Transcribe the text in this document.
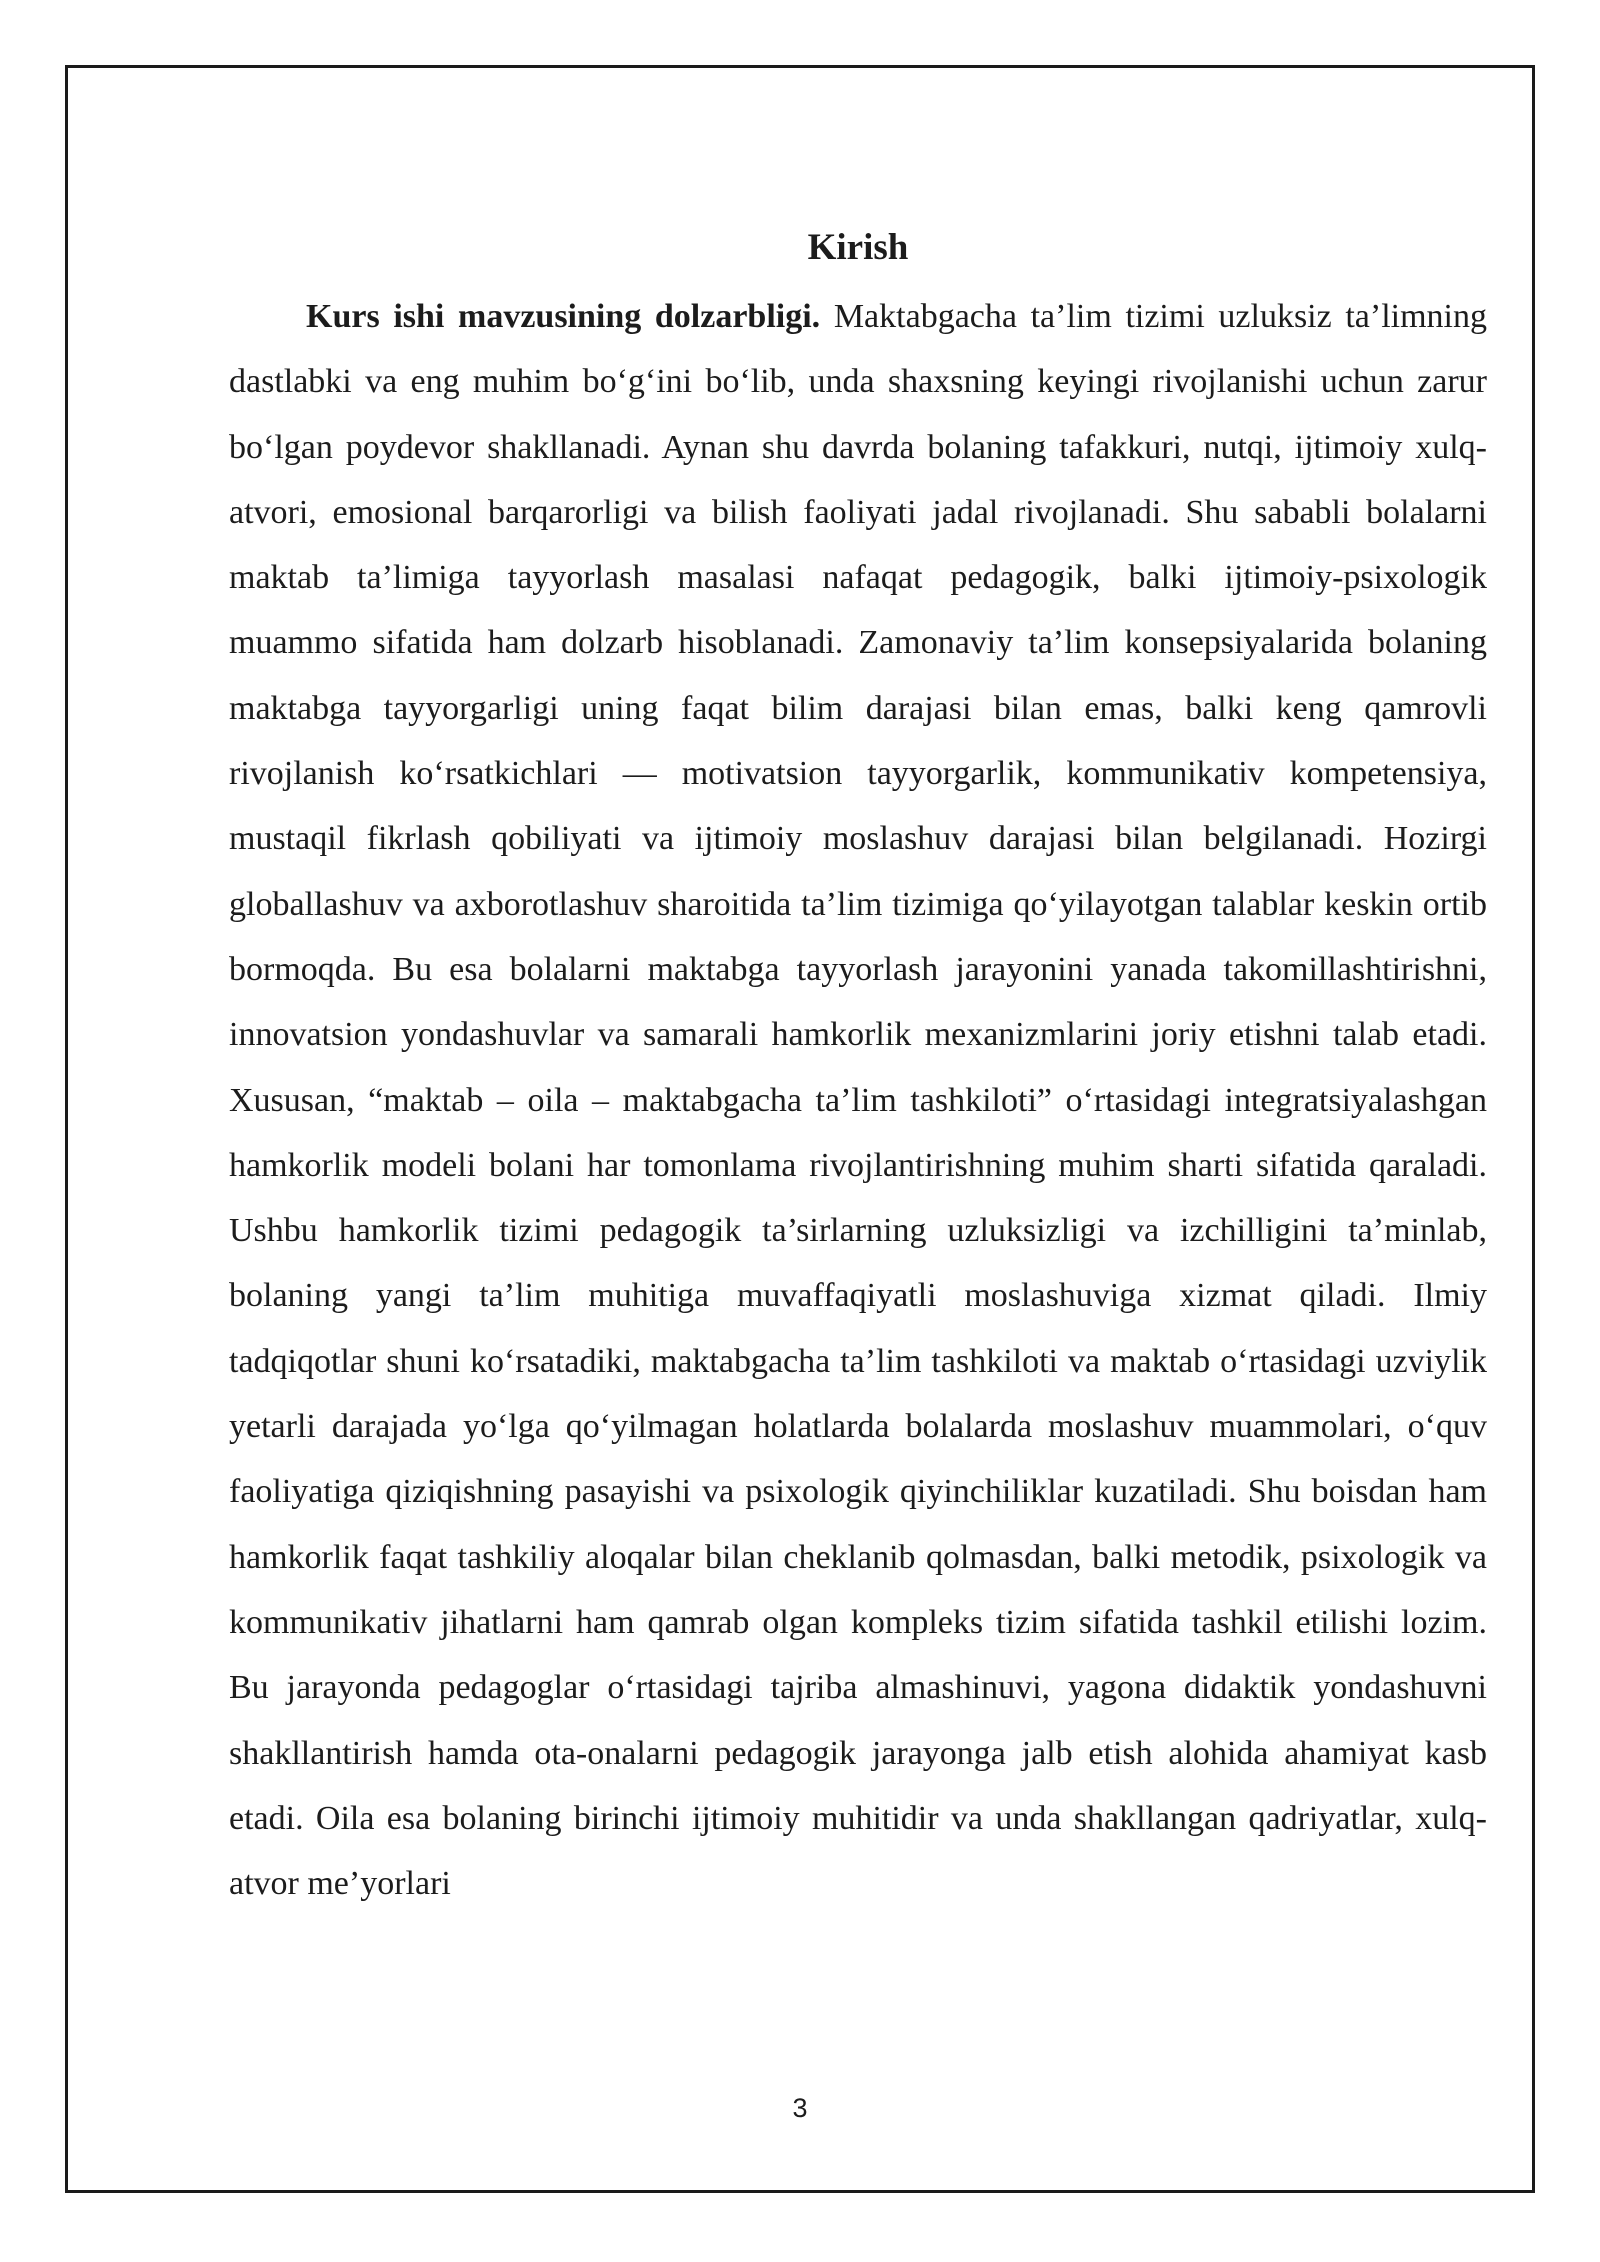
Kirish

Kurs ishi mavzusining dolzarbligi. Maktabgacha ta’lim tizimi uzluksiz ta’limning dastlabki va eng muhim bo‘g‘ini bo‘lib, unda shaxsning keyingi rivojlanishi uchun zarur bo‘lgan poydevor shakllanadi. Aynan shu davrda bolaning tafakkuri, nutqi, ijtimoiy xulq-atvori, emosional barqarorligi va bilish faoliyati jadal rivojlanadi. Shu sababli bolalarni maktab ta’limiga tayyorlash masalasi nafaqat pedagogik, balki ijtimoiy-psixologik muammo sifatida ham dolzarb hisoblanadi. Zamonaviy ta’lim konsepsiyalarida bolaning maktabga tayyorgarligi uning faqat bilim darajasi bilan emas, balki keng qamrovli rivojlanish ko‘rsatkichlari — motivatsion tayyorgarlik, kommunikativ kompetensiya, mustaqil fikrlash qobiliyati va ijtimoiy moslashuv darajasi bilan belgilanadi. Hozirgi globallashuv va axborotlashuv sharoitida ta’lim tizimiga qo‘yilayotgan talablar keskin ortib bormoqda. Bu esa bolalarni maktabga tayyorlash jarayonini yanada takomillashtirishni, innovatsion yondashuvlar va samarali hamkorlik mexanizmlarini joriy etishni talab etadi. Xususan, “maktab – oila – maktabgacha ta’lim tashkiloti” o‘rtasidagi integratsiyalashgan hamkorlik modeli bolani har tomonlama rivojlantirishning muhim sharti sifatida qaraladi. Ushbu hamkorlik tizimi pedagogik ta’sirlarning uzluksizligi va izchilligini ta’minlab, bolaning yangi ta’lim muhitiga muvaffaqiyatli moslashuviga xizmat qiladi. Ilmiy tadqiqotlar shuni ko‘rsatadiki, maktabgacha ta’lim tashkiloti va maktab o‘rtasidagi uzviylik yetarli darajada yo‘lga qo‘yilmagan holatlarda bolalarda moslashuv muammolari, o‘quv faoliyatiga qiziqishning pasayishi va psixologik qiyinchiliklar kuzatiladi. Shu boisdan ham hamkorlik faqat tashkiliy aloqalar bilan cheklanib qolmasdan, balki metodik, psixologik va kommunikativ jihatlarni ham qamrab olgan kompleks tizim sifatida tashkil etilishi lozim. Bu jarayonda pedagoglar o‘rtasidagi tajriba almashinuvi, yagona didaktik yondashuvni shakllantirish hamda ota-onalarni pedagogik jarayonga jalb etish alohida ahamiyat kasb etadi. Oila esa bolaning birinchi ijtimoiy muhitidir va unda shakllangan qadriyatlar, xulq-atvor me’yorlari

3
